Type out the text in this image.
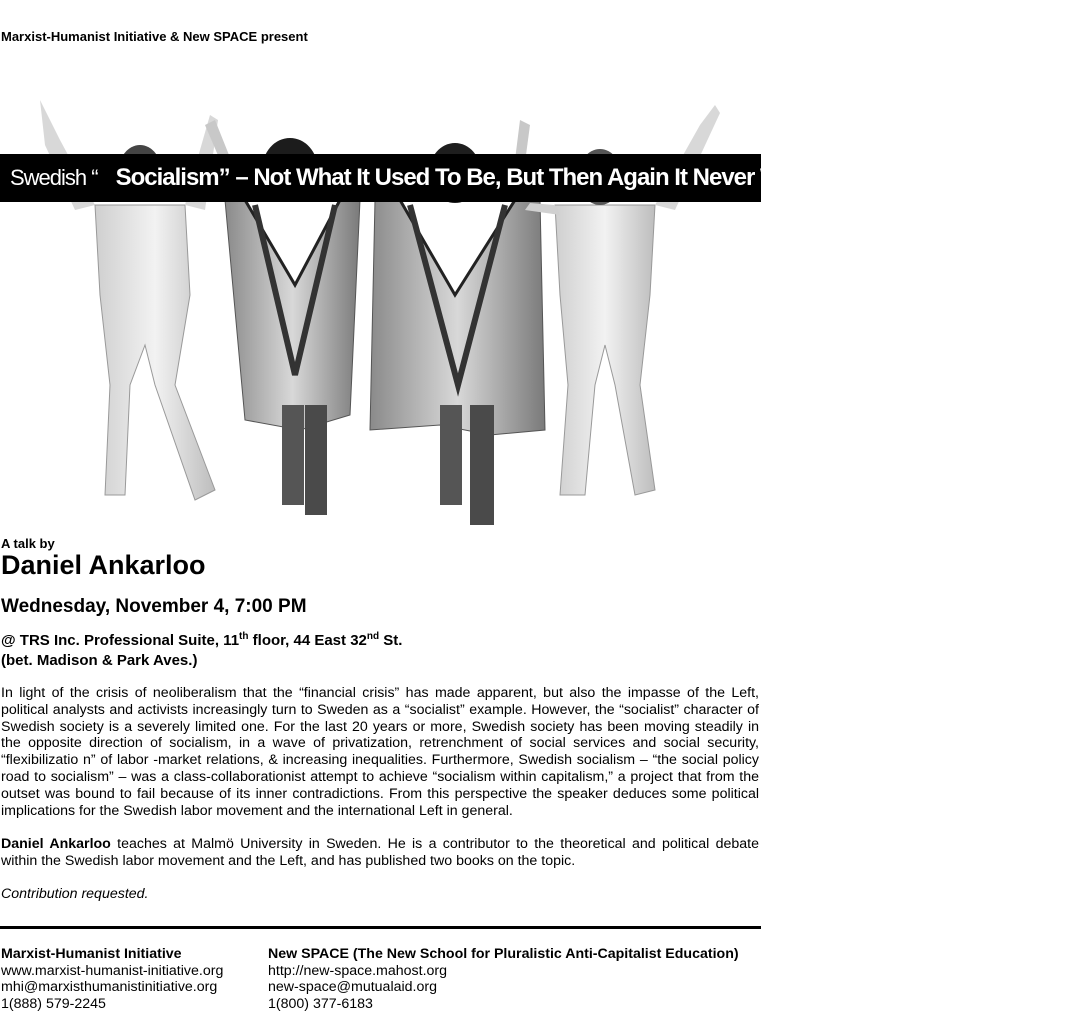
Marxist-Humanist Initiative & New SPACE present
Swedish “ Socialism” – Not What It Used To Be, But Then Again It Never Was
A talk by
Daniel Ankarloo
Wednesday, November 4, 7:00 PM
@ TRS Inc. Professional Suite, 11th floor, 44 East 32nd St.
(bet. Madison & Park Aves.)
In light of the crisis of neoliberalism that the “financial crisis” has made apparent, but also the impasse of the Left, political analysts and activists increasingly turn to Sweden as a “socialist” example. However, the “socialist” character of Swedish society is a severely limited one. For the last 20 years or more, Swedish society has been moving steadily in the opposite direction of socialism, in a wave of privatization, retrenchment of social services and social security, “flexibilizatio n” of labor -market relations, & increasing inequalities. Furthermore, Swedish socialism – “the social policy road to socialism” – was a class-collaborationist attempt to achieve “socialism within capitalism,” a project that from the outset was bound to fail because of its inner contradictions. From this perspective the speaker deduces some political implications for the Swedish labor movement and the international Left in general.
Daniel Ankarloo teaches at Malmö University in Sweden. He is a contributor to the theoretical and political debate within the Swedish labor movement and the Left, and has published two books on the topic.
Contribution requested.
Marxist-Humanist Initiative
www.marxist-humanist-initiative.org
mhi@marxisthumanistinitiative.org
1(888) 579-2245
New SPACE (The New School for Pluralistic Anti-Capitalist Education)
http://new-space.mahost.org
new-space@mutualaid.org
1(800) 377-6183
